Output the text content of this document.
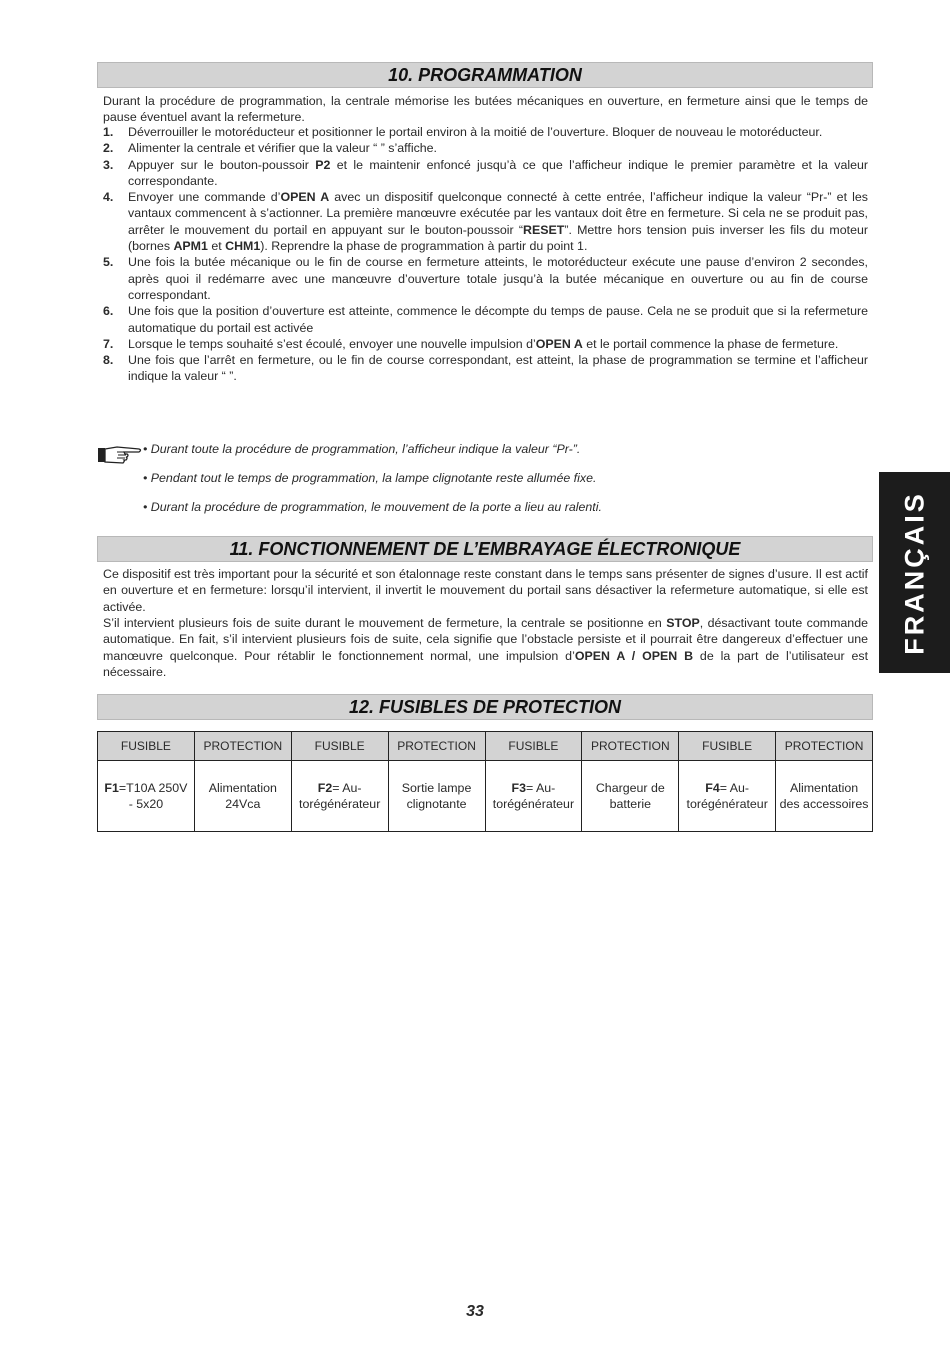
10. PROGRAMMATION

Durant la procédure de programmation, la centrale mémorise les butées mécaniques en ouverture, en fermeture ainsi que le temps de pause éventuel avant la refermeture.

1.	Déverrouiller le motoréducteur et positionner le portail environ à la moitié de l’ouverture. Bloquer de nouveau le motoréducteur.
2.	Alimenter la centrale et vérifier que la valeur “ ” s’affiche.
3.	Appuyer sur le bouton-poussoir P2 et le maintenir enfoncé jusqu’à ce que l’afficheur indique le premier paramètre et la valeur correspondante.
4.	Envoyer une commande d’OPEN A avec un dispositif quelconque connecté à cette entrée, l’afficheur indique la valeur “Pr-” et les vantaux commencent à s’actionner. La première manœuvre exécutée par les vantaux doit être en fermeture. Si cela ne se produit pas, arrêter le mouvement du portail en appuyant sur le bouton-poussoir “RESET”. Mettre hors tension puis inverser les fils du moteur (bornes APM1 et CHM1). Reprendre la phase de programmation à partir du point 1.
5.	Une fois la butée mécanique ou le fin de course en fermeture atteints, le motoréducteur exécute une pause d’environ 2 secondes, après quoi il redémarre avec une manœuvre d’ouverture totale jusqu’à la butée mécanique en ouverture ou au fin de course correspondant.
6.	Une fois que la position d’ouverture est atteinte, commence le décompte du temps de pause. Cela ne se produit que si la refermeture automatique du portail est activée
7.	Lorsque le temps souhaité s’est écoulé, envoyer une nouvelle impulsion d’OPEN A et le portail commence la phase de fermeture.
8.	Une fois que l’arrêt en fermeture, ou le fin de course correspondant, est atteint, la phase de programmation se termine et l’afficheur indique la valeur “ ”.
• Durant toute la procédure de programmation, l’afficheur indique la valeur “Pr-”.
• Pendant tout le temps de programmation, la lampe clignotante reste allumée fixe.
• Durant la procédure de programmation, le mouvement de la porte a lieu au ralenti.
11. FONCTIONNEMENT DE L’EMBRAYAGE ÉLECTRONIQUE

Ce dispositif est très important pour la sécurité et son étalonnage reste constant dans le temps sans présenter de signes d’usure. Il est actif en ouverture et en fermeture: lorsqu’il intervient, il invertit le mouvement du portail sans désactiver la refermeture automatique, si elle est activée.

S’il intervient plusieurs fois de suite durant le mouvement de fermeture, la centrale se positionne en STOP, désactivant toute commande automatique. En fait, s’il intervient plusieurs fois de suite, cela signifie que l’obstacle persiste et il pourrait être dangereux d’effectuer une manœuvre quelconque. Pour rétablir le fonctionnement normal, une impulsion d’OPEN A / OPEN B de la part de l’utilisateur est nécessaire.

12. FUSIBLES DE PROTECTION
FUSIBLE	PROTECTION	FUSIBLE	PROTECTION	FUSIBLE	PROTECTION	FUSIBLE	PROTECTION
F1=T10A 250V - 5x20	Alimentation 24Vca	F2= Autorégénérateur	Sortie lampe clignotante	F3= Autorégénérateur	Chargeur de batterie	F4= Autorégénérateur	Alimentation des accessoires
FRANÇAIS
33
